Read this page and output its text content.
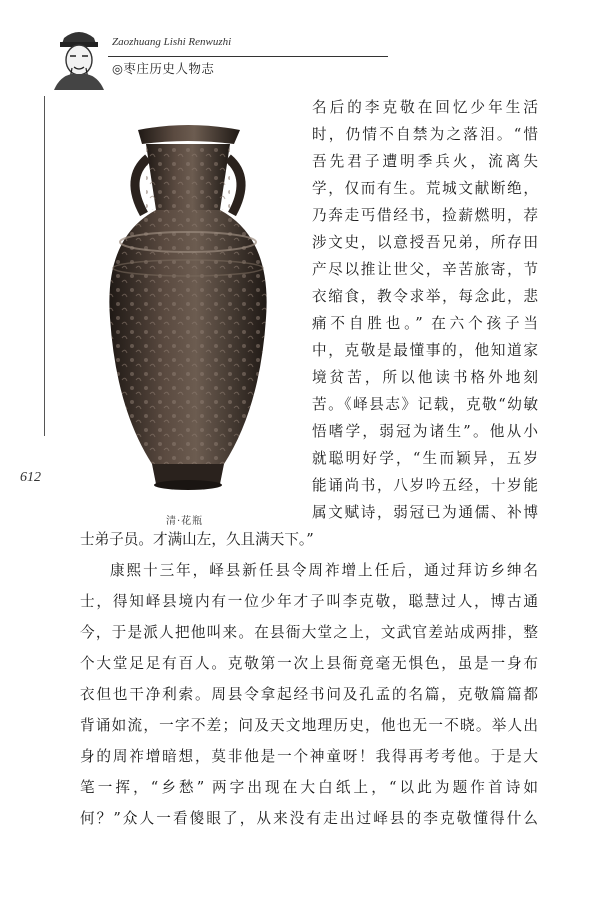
Zaozhuang Lishi Renwuzhi
◎枣庄历史人物志
612
清·花瓶
名后的李克敬在回忆少年生活
时，仍情不自禁为之落泪。“惜
吾先君子遭明季兵火，流离失
学，仅而有生。荒城文献断绝，
乃奔走丐借经书，捡薪燃明，荐
涉文史，以意授吾兄弟，所存田
产尽以推让世父，辛苦旅寄，节
衣缩食，教令求举，每念此，悲
痛不自胜也。” 在六个孩子当
中，克敬是最懂事的，他知道家
境贫苦，所以他读书格外地刻
苦。《峄县志》记载，克敬“幼敏
悟嗜学，弱冠为诸生”。他从小
就聪明好学，“生而颖异，五岁
能诵尚书，八岁吟五经，十岁能
属文赋诗，弱冠已为通儒、补博
士弟子员。才满山左，久且满天下。”
康熙十三年，峄县新任县令周祚增上任后，通过拜访乡绅名
士，得知峄县境内有一位少年才子叫李克敬，聪慧过人，博古通
今，于是派人把他叫来。在县衙大堂之上，文武官差站成两排，整
个大堂足足有百人。克敬第一次上县衙竟毫无惧色，虽是一身布
衣但也干净利索。周县令拿起经书问及孔孟的名篇，克敬篇篇都
背诵如流，一字不差；问及天文地理历史，他也无一不晓。举人出
身的周祚增暗想，莫非他是一个神童呀！我得再考考他。于是大
笔一挥，“乡愁” 两字出现在大白纸上，“以此为题作首诗如
何？”众人一看傻眼了，从来没有走出过峄县的李克敬懂得什么
